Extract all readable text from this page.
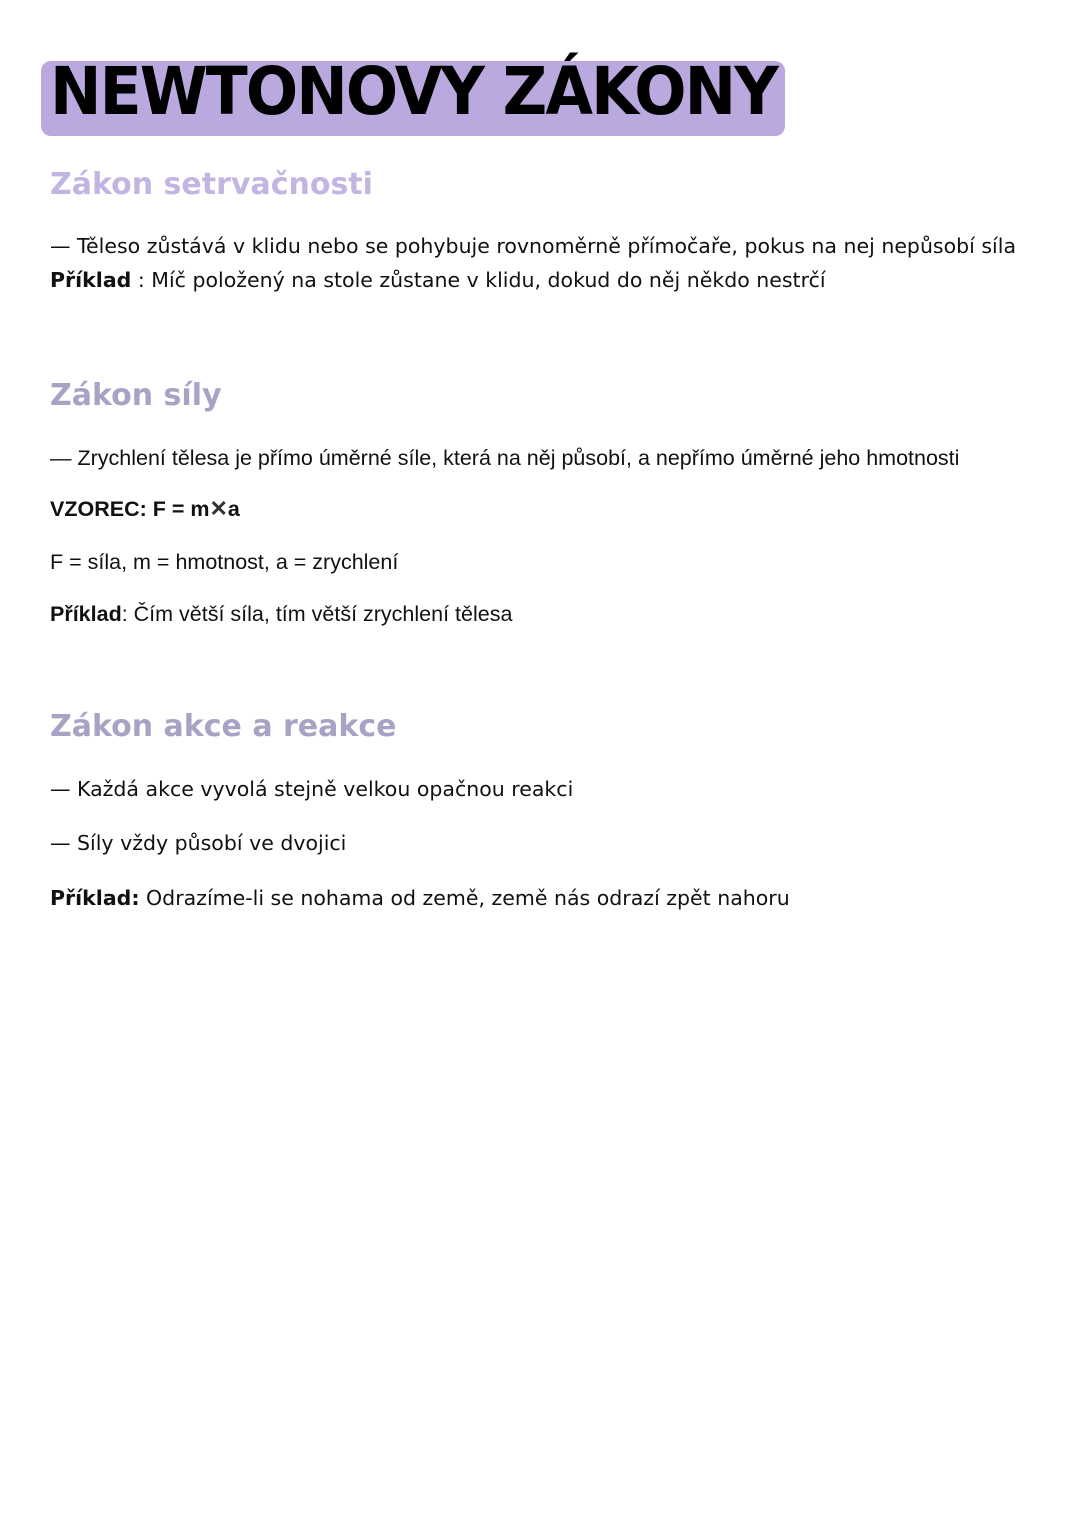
NEWTONOVY ZÁKONY
Zákon setrvačnosti

— Těleso zůstává v klidu nebo se pohybuje rovnoměrně přímočaře, pokus na nej nepůsobí síla

Příklad : Míč položený na stole zůstane v klidu, dokud do něj někdo nestrčí

Zákon síly

— Zrychlení tělesa je přímo úměrné síle, která na něj působí, a nepřímo úměrné jeho hmotnosti

VZOREC: F = m✕a

F = síla, m = hmotnost, a = zrychlení

Příklad: Čím větší síla, tím větší zrychlení tělesa

Zákon akce a reakce

— Každá akce vyvolá stejně velkou opačnou reakci

— Síly vždy působí ve dvojici

Příklad: Odrazíme-li se nohama od země, země nás odrazí zpět nahoru
